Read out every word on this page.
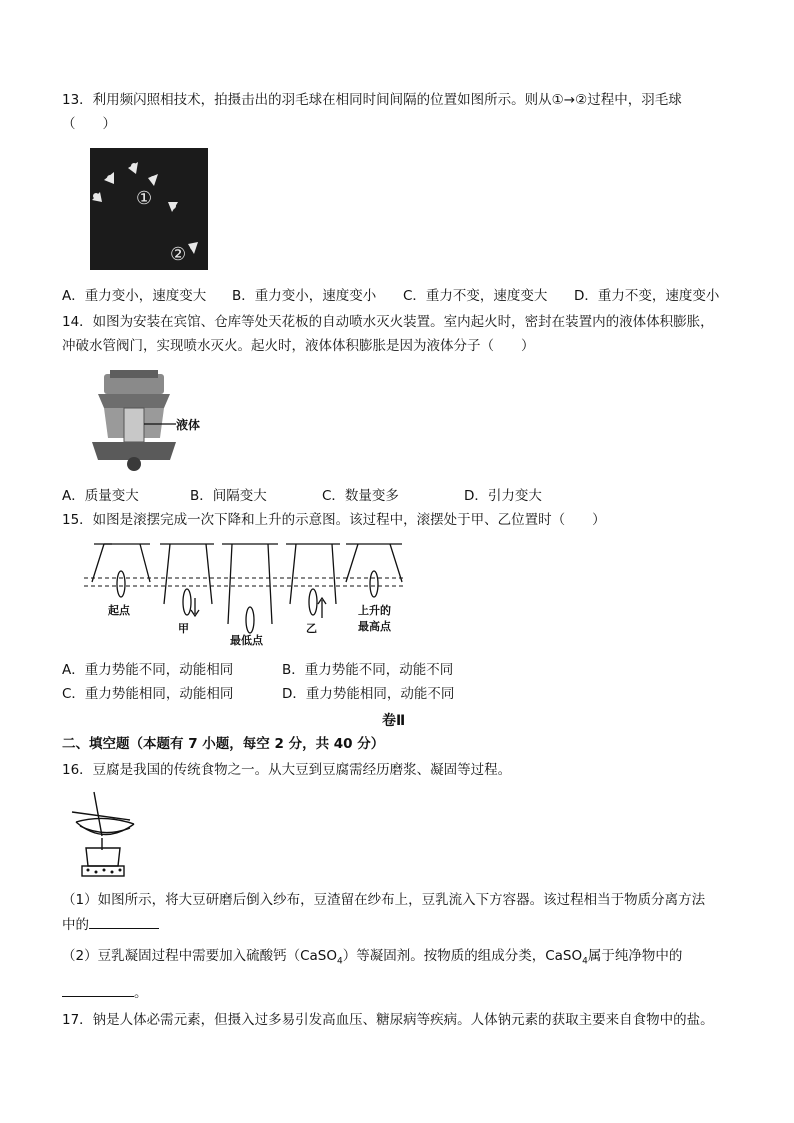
13．利用频闪照相技术，拍摄击出的羽毛球在相同时间间隔的位置如图所示。则从①→②过程中，羽毛球
（　　）
①
②
A．重力变小，速度变大 B．重力变小，速度变小 C．重力不变，速度变大 D．重力不变，速度变小
14．如图为安装在宾馆、仓库等处天花板的自动喷水灭火装置。室内起火时，密封在装置内的液体体积膨胀，
冲破水管阀门，实现喷水灭火。起火时，液体体积膨胀是因为液体分子（　　）
液体
A．质量变大	B．间隔变大	C．数量变多	D．引力变大
15．如图是滚摆完成一次下降和上升的示意图。该过程中，滚摆处于甲、乙位置时（　　）
起点
甲
最低点
乙
上升的
最高点
A．重力势能不同，动能相同	B．重力势能不同，动能不同
C．重力势能相同，动能相同	D．重力势能相同，动能不同
卷Ⅱ
二、填空题（本题有 7 小题，每空 2 分，共 40 分）
16．豆腐是我国的传统食物之一。从大豆到豆腐需经历磨浆、凝固等过程。
（1）如图所示，将大豆研磨后倒入纱布，豆渣留在纱布上，豆乳流入下方容器。该过程相当于物质分离方法
中的
（2）豆乳凝固过程中需要加入硫酸钙（CaSO$_4$）等凝固剂。按物质的组成分类，CaSO$_4$属于纯净物中的
。
17．钠是人体必需元素，但摄入过多易引发高血压、糖尿病等疾病。人体钠元素的获取主要来自食物中的盐。
